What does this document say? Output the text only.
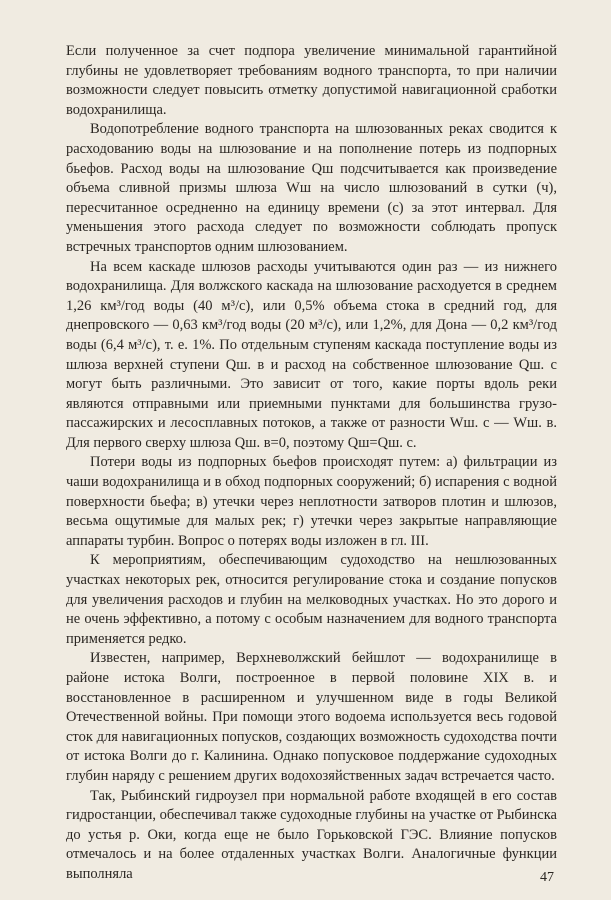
Если полученное за счет подпора увеличение минимальной гарантийной глубины не удовлетворяет требованиям водного транспорта, то при наличии возможности следует повысить отметку допустимой навигационной сработки водохранилища.

Водопотребление водного транспорта на шлюзованных реках сводится к расходованию воды на шлюзование и на пополнение потерь из подпорных бьефов. Расход воды на шлюзование Qш подсчитывается как произведение объема сливной призмы шлюза Wш на число шлюзований в сутки (ч), пересчитанное осредненно на единицу времени (с) за этот интервал. Для уменьшения этого расхода следует по возможности соблюдать пропуск встречных транспортов одним шлюзованием.

На всем каскаде шлюзов расходы учитываются один раз — из нижнего водохранилища. Для волжского каскада на шлюзование расходуется в среднем 1,26 км³/год воды (40 м³/с), или 0,5% объема стока в средний год, для днепровского — 0,63 км³/год воды (20 м³/с), или 1,2%, для Дона — 0,2 км³/год воды (6,4 м³/с), т. е. 1%. По отдельным ступеням каскада поступление воды из шлюза верхней ступени Qш. в и расход на собственное шлюзование Qш. с могут быть различными. Это зависит от того, какие порты вдоль реки являются отправными или приемными пунктами для большинства грузо-пассажирских и лесосплавных потоков, а также от разности Wш. с — Wш. в. Для первого сверху шлюза Qш. в=0, поэтому Qш=Qш. с.

Потери воды из подпорных бьефов происходят путем: а) фильтрации из чаши водохранилища и в обход подпорных сооружений; б) испарения с водной поверхности бьефа; в) утечки через неплотности затворов плотин и шлюзов, весьма ощутимые для малых рек; г) утечки через закрытые направляющие аппараты турбин. Вопрос о потерях воды изложен в гл. III.

К мероприятиям, обеспечивающим судоходство на нешлюзованных участках некоторых рек, относится регулирование стока и создание попусков для увеличения расходов и глубин на мелководных участках. Но это дорого и не очень эффективно, а потому с особым назначением для водного транспорта применяется редко.

Известен, например, Верхневолжский бейшлот — водохранилище в районе истока Волги, построенное в первой половине XIX в. и восстановленное в расширенном и улучшенном виде в годы Великой Отечественной войны. При помощи этого водоема используется весь годовой сток для навигационных попусков, создающих возможность судоходства почти от истока Волги до г. Калинина. Однако попусковое поддержание судоходных глубин наряду с решением других водохозяйственных задач встречается часто.

Так, Рыбинский гидроузел при нормальной работе входящей в его состав гидростанции, обеспечивал также судоходные глубины на участке от Рыбинска до устья р. Оки, когда еще не было Горьковской ГЭС. Влияние попусков отмечалось и на более отдаленных участках Волги. Аналогичные функции выполняла	47
